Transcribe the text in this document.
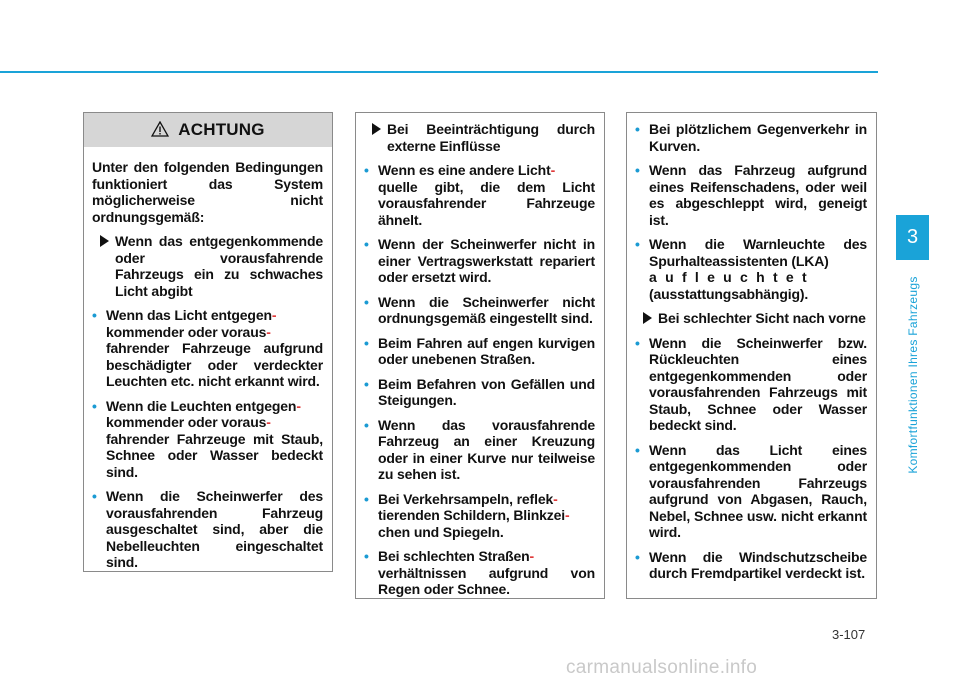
ACHTUNG

Unter den folgenden Bedingungen funktioniert das System möglicherweise nicht ordnungsgemäß:

Wenn das entgegenkommende oder vorausfahrende Fahrzeugs ein zu schwaches Licht abgibt
• Wenn das Licht entgegen-
kommender oder voraus-
fahrender Fahrzeuge aufgrund beschädigter oder verdeckter Leuchten etc. nicht erkannt wird.
• Wenn die Leuchten entgegen-
kommender oder voraus-
fahrender Fahrzeuge mit Staub, Schnee oder Wasser bedeckt sind.
• Wenn die Scheinwerfer des vorausfahrenden Fahrzeug ausgeschaltet sind, aber die Nebelleuchten eingeschaltet sind.
Bei Beeinträchtigung durch externe Einflüsse
• Wenn es eine andere Licht-
quelle gibt, die dem Licht vorausfahrender Fahrzeuge ähnelt.
• Wenn der Scheinwerfer nicht in einer Vertragswerkstatt repariert oder ersetzt wird.
• Wenn die Scheinwerfer nicht ordnungsgemäß eingestellt sind.
• Beim Fahren auf engen kurvigen oder unebenen Straßen.
• Beim Befahren von Gefällen und Steigungen.
• Wenn das vorausfahrende Fahrzeug an einer Kreuzung oder in einer Kurve nur teilweise zu sehen ist.
• Bei Verkehrsampeln, reflek-
tierenden Schildern, Blinkzei-
chen und Spiegeln.
• Bei schlechten Straßen-
verhältnissen aufgrund von Regen oder Schnee.
• Bei plötzlichem Gegenverkehr in Kurven.
• Wenn das Fahrzeug aufgrund eines Reifenschadens, oder weil es abgeschleppt wird, geneigt ist.
• Wenn die Warnleuchte des Spurhalteassistenten (LKA)
aufleuchtet
(ausstattungsabhängig).
Bei schlechter Sicht nach vorne
• Wenn die Scheinwerfer bzw. Rückleuchten eines entgegenkommenden oder vorausfahrenden Fahrzeugs mit Staub, Schnee oder Wasser bedeckt sind.
• Wenn das Licht eines entgegenkommenden oder vorausfahrenden Fahrzeugs aufgrund von Abgasen, Rauch, Nebel, Schnee usw. nicht erkannt wird.
• Wenn die Windschutzscheibe durch Fremdpartikel verdeckt ist.
3
Komfortfunktionen Ihres Fahrzeugs
3-107
carmanualsonline.info
